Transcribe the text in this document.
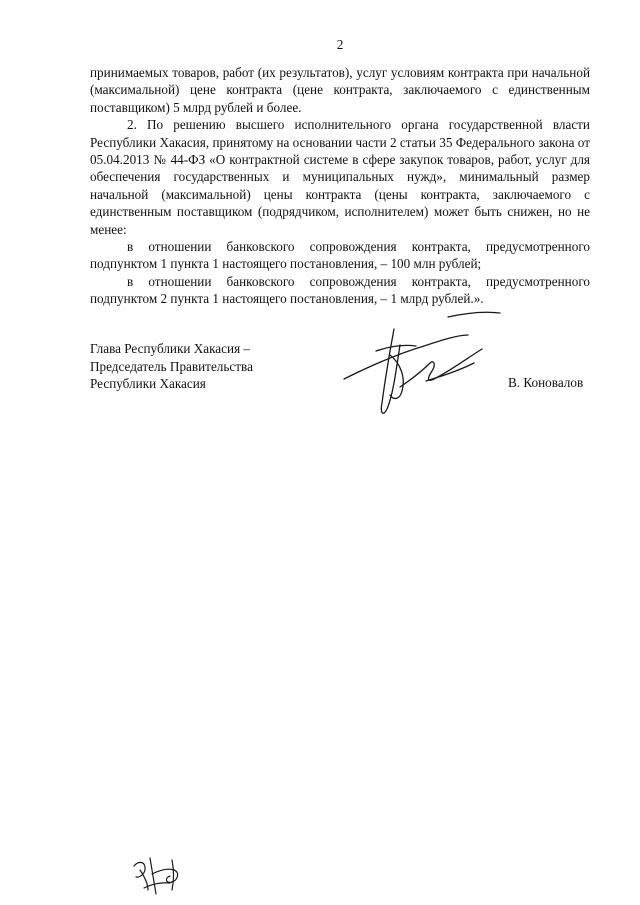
2

принимаемых товаров, работ (их результатов), услуг условиям контракта при начальной (максимальной) цене контракта (цене контракта, заключаемого с единственным поставщиком) 5 млрд рублей и более.

2. По решению высшего исполнительного органа государственной власти Республики Хакасия, принятому на основании части 2 статьи 35 Федерального закона от 05.04.2013 № 44-ФЗ «О контрактной системе в сфере закупок товаров, работ, услуг для обеспечения государственных и муниципальных нужд», минимальный размер начальной (максимальной) цены контракта (цены контракта, заключаемого с единственным поставщиком (подрядчиком, исполнителем) может быть снижен, но не менее:

в отношении банковского сопровождения контракта, предусмотренного подпунктом 1 пункта 1 настоящего постановления, – 100 млн рублей;

в отношении банковского сопровождения контракта, предусмотренного подпунктом 2 пункта 1 настоящего постановления, – 1 млрд рублей.».

Глава Республики Хакасия –
Председатель Правительства
Республики Хакасия	В. Коновалов
